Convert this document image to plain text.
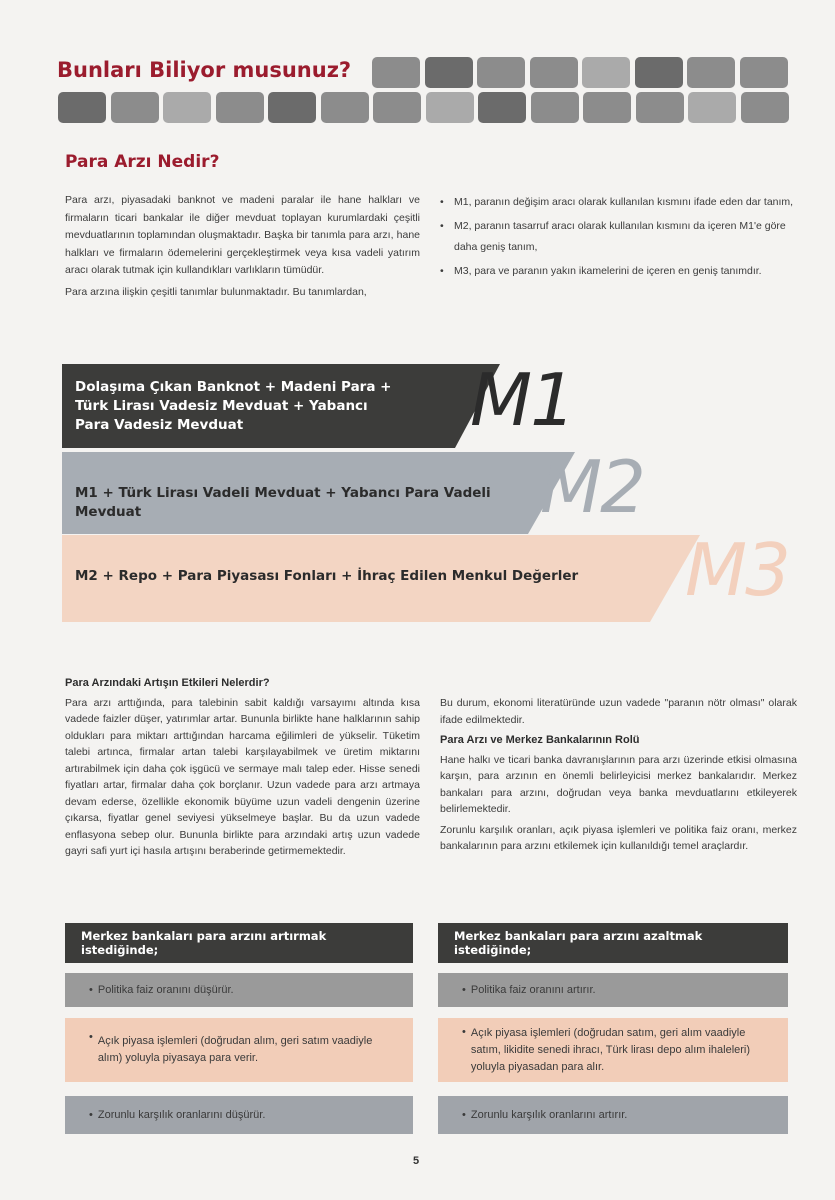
Bunları Biliyor musunuz?
Para Arzı Nedir?

Para arzı, piyasadaki banknot ve madeni paralar ile hane halkları ve firmaların ticari bankalar ile diğer mevduat toplayan kurumlardaki çeşitli mevduatlarının toplamından oluşmaktadır. Başka bir tanımla para arzı, hane halkları ve firmaların ödemelerini gerçekleştirmek veya kısa vadeli yatırım aracı olarak tutmak için kullandıkları varlıkların tümüdür.

Para arzına ilişkin çeşitli tanımlar bulunmaktadır. Bu tanımlardan,

• M1, paranın değişim aracı olarak kullanılan kısmını ifade eden dar tanım,
• M2, paranın tasarruf aracı olarak kullanılan kısmını da içeren M1'e göre daha geniş tanım,
• M3, para ve paranın yakın ikamelerini de içeren en geniş tanımdır.
Dolaşıma Çıkan Banknot + Madeni Para + Türk Lirası Vadesiz Mevduat + Yabancı Para Vadesiz Mevduat
M1 + Türk Lirası Vadeli Mevduat + Yabancı Para Vadeli Mevduat
M2 + Repo + Para Piyasası Fonları + İhraç Edilen Menkul Değerler
M1
M2
M3
Para Arzındaki Artışın Etkileri Nelerdir?

Para arzı arttığında, para talebinin sabit kaldığı varsayımı altında kısa vadede faizler düşer, yatırımlar artar. Bununla birlikte hane halklarının sahip oldukları para miktarı arttığından harcama eğilimleri de yükselir. Tüketim talebi artınca, firmalar artan talebi karşılayabilmek ve üretim miktarını artırabilmek için daha çok işgücü ve sermaye malı talep eder. Hisse senedi fiyatları artar, firmalar daha çok borçlanır. Uzun vadede para arzı artmaya devam ederse, özellikle ekonomik büyüme uzun vadeli dengenin üzerine çıkarsa, fiyatlar genel seviyesi yükselmeye başlar. Bu da uzun vadede enflasyona sebep olur. Bununla birlikte para arzındaki artış uzun vadede gayri safi yurt içi hasıla artışını beraberinde getirmemektedir.

Bu durum, ekonomi literatüründe uzun vadede "paranın nötr olması" olarak ifade edilmektedir.

Para Arzı ve Merkez Bankalarının Rolü

Hane halkı ve ticari banka davranışlarının para arzı üzerinde etkisi olmasına karşın, para arzının en önemli belirleyicisi merkez bankalarıdır. Merkez bankaları para arzını, doğrudan veya banka mevduatlarını etkileyerek belirlemektedir.

Zorunlu karşılık oranları, açık piyasa işlemleri ve politika faiz oranı, merkez bankalarının para arzını etkilemek için kullanıldığı temel araçlardır.

Merkez bankaları para arzını artırmak istediğinde;
• Politika faiz oranını düşürür.
• Açık piyasa işlemleri (doğrudan alım, geri satım vaadiyle alım) yoluyla piyasaya para verir.
• Zorunlu karşılık oranlarını düşürür.
Merkez bankaları para arzını azaltmak istediğinde;
• Politika faiz oranını artırır.
• Açık piyasa işlemleri (doğrudan satım, geri alım vaadiyle satım, likidite senedi ihracı, Türk lirası depo alım ihaleleri) yoluyla piyasadan para alır.
• Zorunlu karşılık oranlarını artırır.
5
